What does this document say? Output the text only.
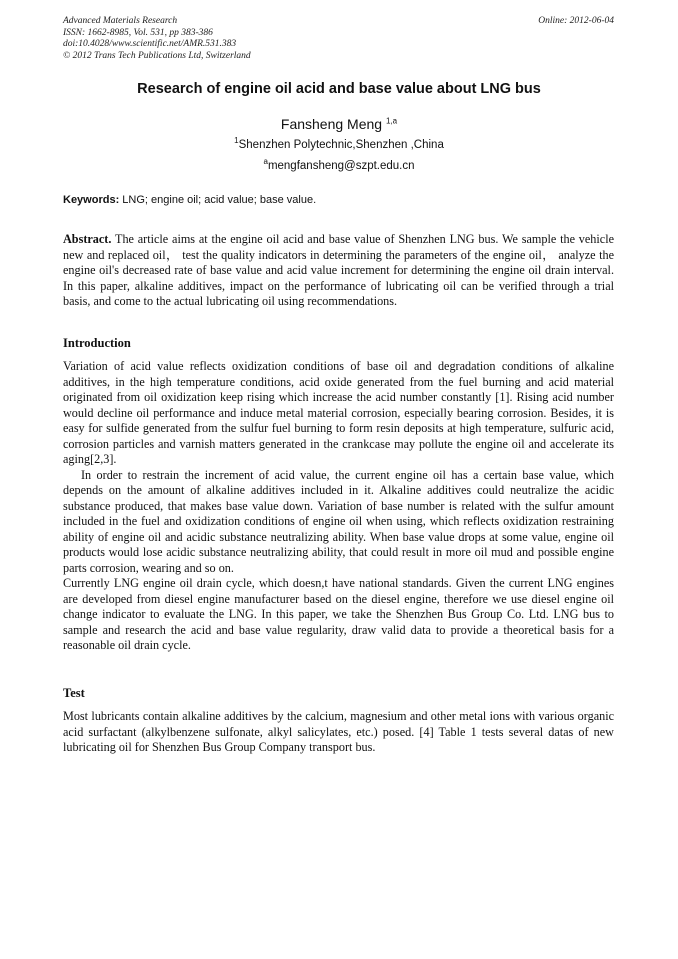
Advanced Materials Research
ISSN: 1662-8985, Vol. 531, pp 383-386
doi:10.4028/www.scientific.net/AMR.531.383
© 2012 Trans Tech Publications Ltd, Switzerland
Online: 2012-06-04
Research of engine oil acid and base value about LNG bus
Fansheng Meng $^{1,a}$
$^1$Shenzhen Polytechnic,Shenzhen ,China
$^a$mengfansheng@szpt.edu.cn
Keywords: LNG; engine oil; acid value; base value.
Abstract. The article aims at the engine oil acid and base value of Shenzhen LNG bus. We sample the vehicle new and replaced oil， test the quality indicators in determining the parameters of the engine oil， analyze the engine oil's decreased rate of base value and acid value increment for determining the engine oil drain interval. In this paper, alkaline additives, impact on the performance of lubricating oil can be verified through a trial basis, and come to the actual lubricating oil using recommendations.
Introduction
Variation of acid value reflects oxidization conditions of base oil and degradation conditions of alkaline additives, in the high temperature conditions, acid oxide generated from the fuel burning and acid material originated from oil oxidization keep rising which increase the acid number constantly [1]. Rising acid number would decline oil performance and induce metal material corrosion, especially bearing corrosion. Besides, it is easy for sulfide generated from the sulfur fuel burning to form resin deposits at high temperature, sulfuric acid, corrosion particles and varnish matters generated in the crankcase may pollute the engine oil and accelerate its aging[2,3].
In order to restrain the increment of acid value, the current engine oil has a certain base value, which depends on the amount of alkaline additives included in it. Alkaline additives could neutralize the acidic substance produced, that makes base value down. Variation of base number is related with the sulfur amount included in the fuel and oxidization conditions of engine oil when using, which reflects oxidization restraining ability of engine oil and acidic substance neutralizing ability. When base value drops at some value, engine oil products would lose acidic substance neutralizing ability, that could result in more oil mud and possible engine parts corrosion, wearing and so on.
Currently LNG engine oil drain cycle, which doesn,t have national standards. Given the current LNG engines are developed from diesel engine manufacturer based on the diesel engine, therefore we use diesel engine oil change indicator to evaluate the LNG. In this paper, we take the Shenzhen Bus Group Co. Ltd. LNG bus to sample and research the acid and base value regularity, draw valid data to provide a theoretical basis for a reasonable oil drain cycle.
Test
Most lubricants contain alkaline additives by the calcium, magnesium and other metal ions with various organic acid surfactant (alkylbenzene sulfonate, alkyl salicylates, etc.) posed. [4] Table 1 tests several datas of new lubricating oil for Shenzhen Bus Group Company transport bus.
